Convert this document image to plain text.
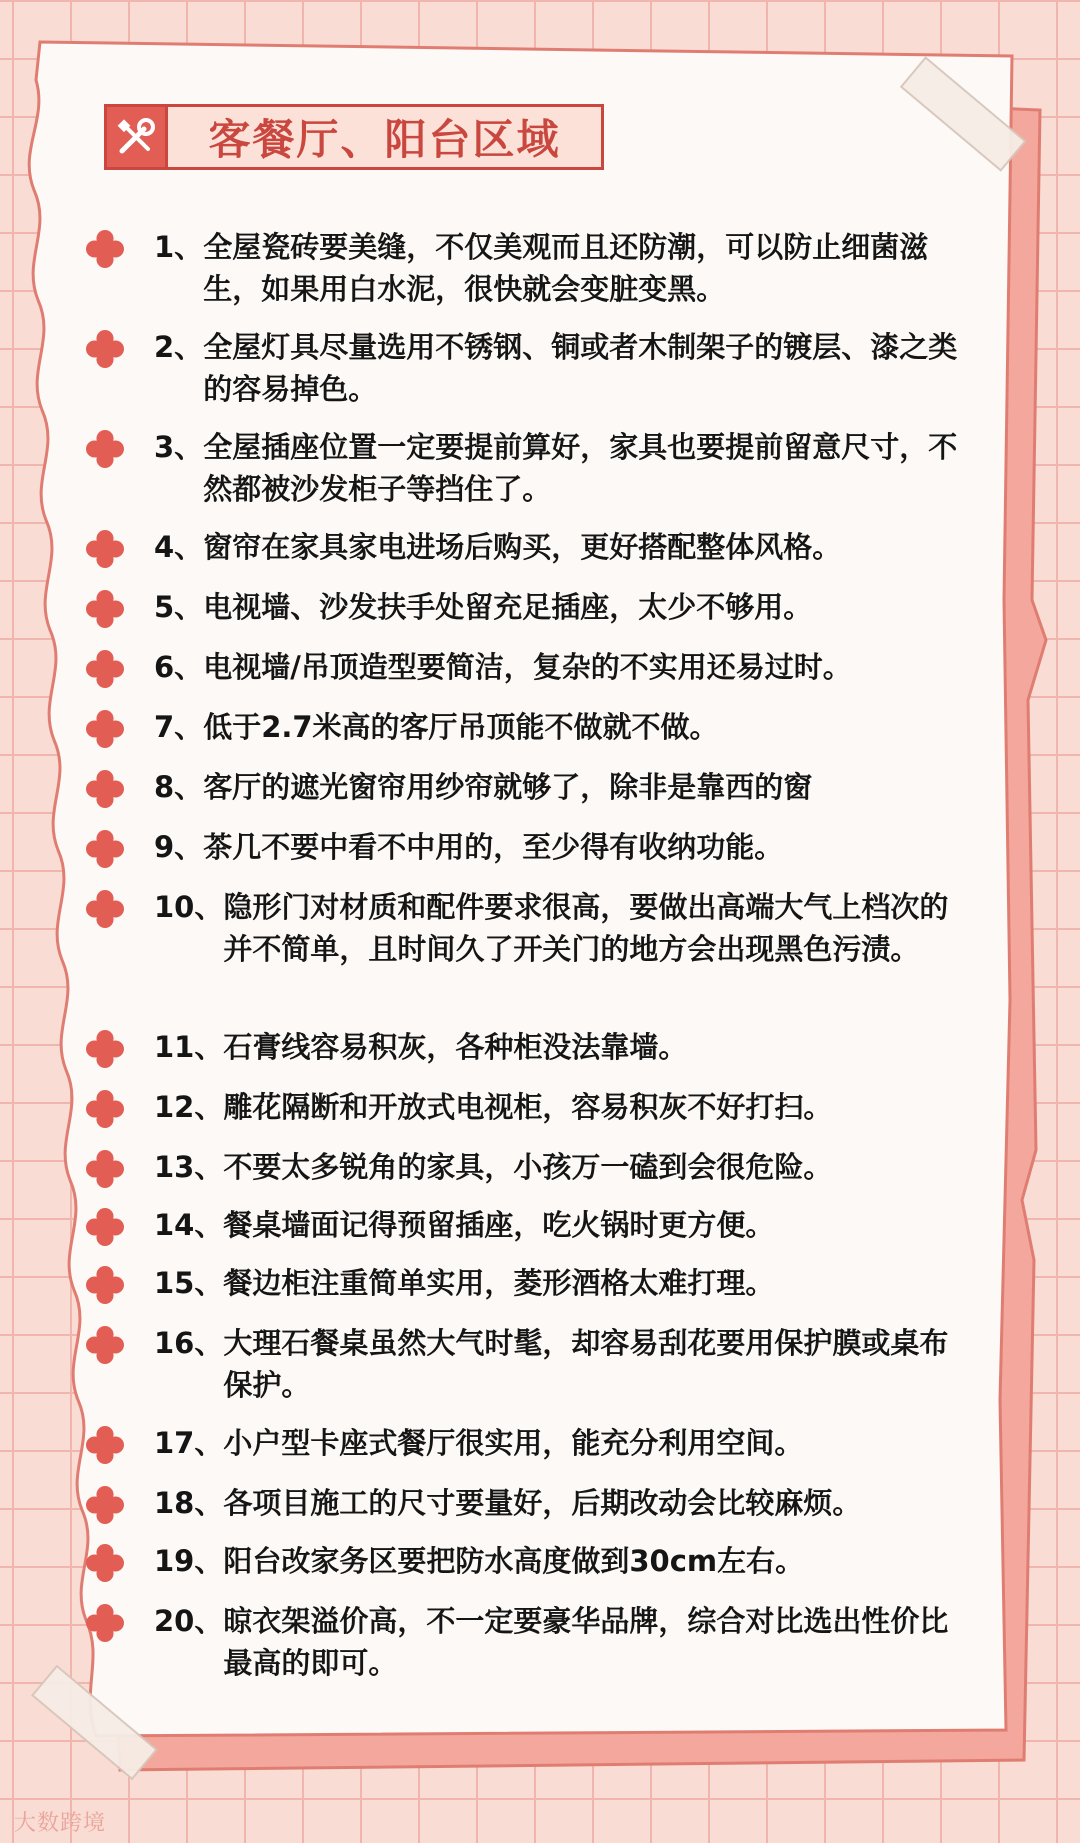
客餐厅、阳台区域
1、 全屋瓷砖要美缝，不仅美观而且还防潮，可以防止细菌滋生，如果用白水泥，很快就会变脏变黑。
2、 全屋灯具尽量选用不锈钢、铜或者木制架子的镀层、漆之类的容易掉色。
3、 全屋插座位置一定要提前算好，家具也要提前留意尺寸，不然都被沙发柜子等挡住了。
4、 窗帘在家具家电进场后购买，更好搭配整体风格。
5、 电视墙、沙发扶手处留充足插座，太少不够用。
6、 电视墙/吊顶造型要简洁，复杂的不实用还易过时。
7、 低于2.7米高的客厅吊顶能不做就不做。
8、 客厅的遮光窗帘用纱帘就够了，除非是靠西的窗
9、 茶几不要中看不中用的，至少得有收纳功能。
10、 隐形门对材质和配件要求很高，要做出高端大气上档次的并不简单，且时间久了开关门的地方会出现黑色污渍。
11、 石膏线容易积灰，各种柜没法靠墙。
12、 雕花隔断和开放式电视柜，容易积灰不好打扫。
13、 不要太多锐角的家具，小孩万一磕到会很危险。
14、 餐桌墙面记得预留插座，吃火锅时更方便。
15、 餐边柜注重简单实用，菱形酒格太难打理。
16、 大理石餐桌虽然大气时髦，却容易刮花要用保护膜或桌布保护。
17、 小户型卡座式餐厅很实用，能充分利用空间。
18、 各项目施工的尺寸要量好，后期改动会比较麻烦。
19、 阳台改家务区要把防水高度做到30cm左右。
20、 晾衣架溢价高，不一定要豪华品牌，综合对比选出性价比最高的即可。
大数跨境
